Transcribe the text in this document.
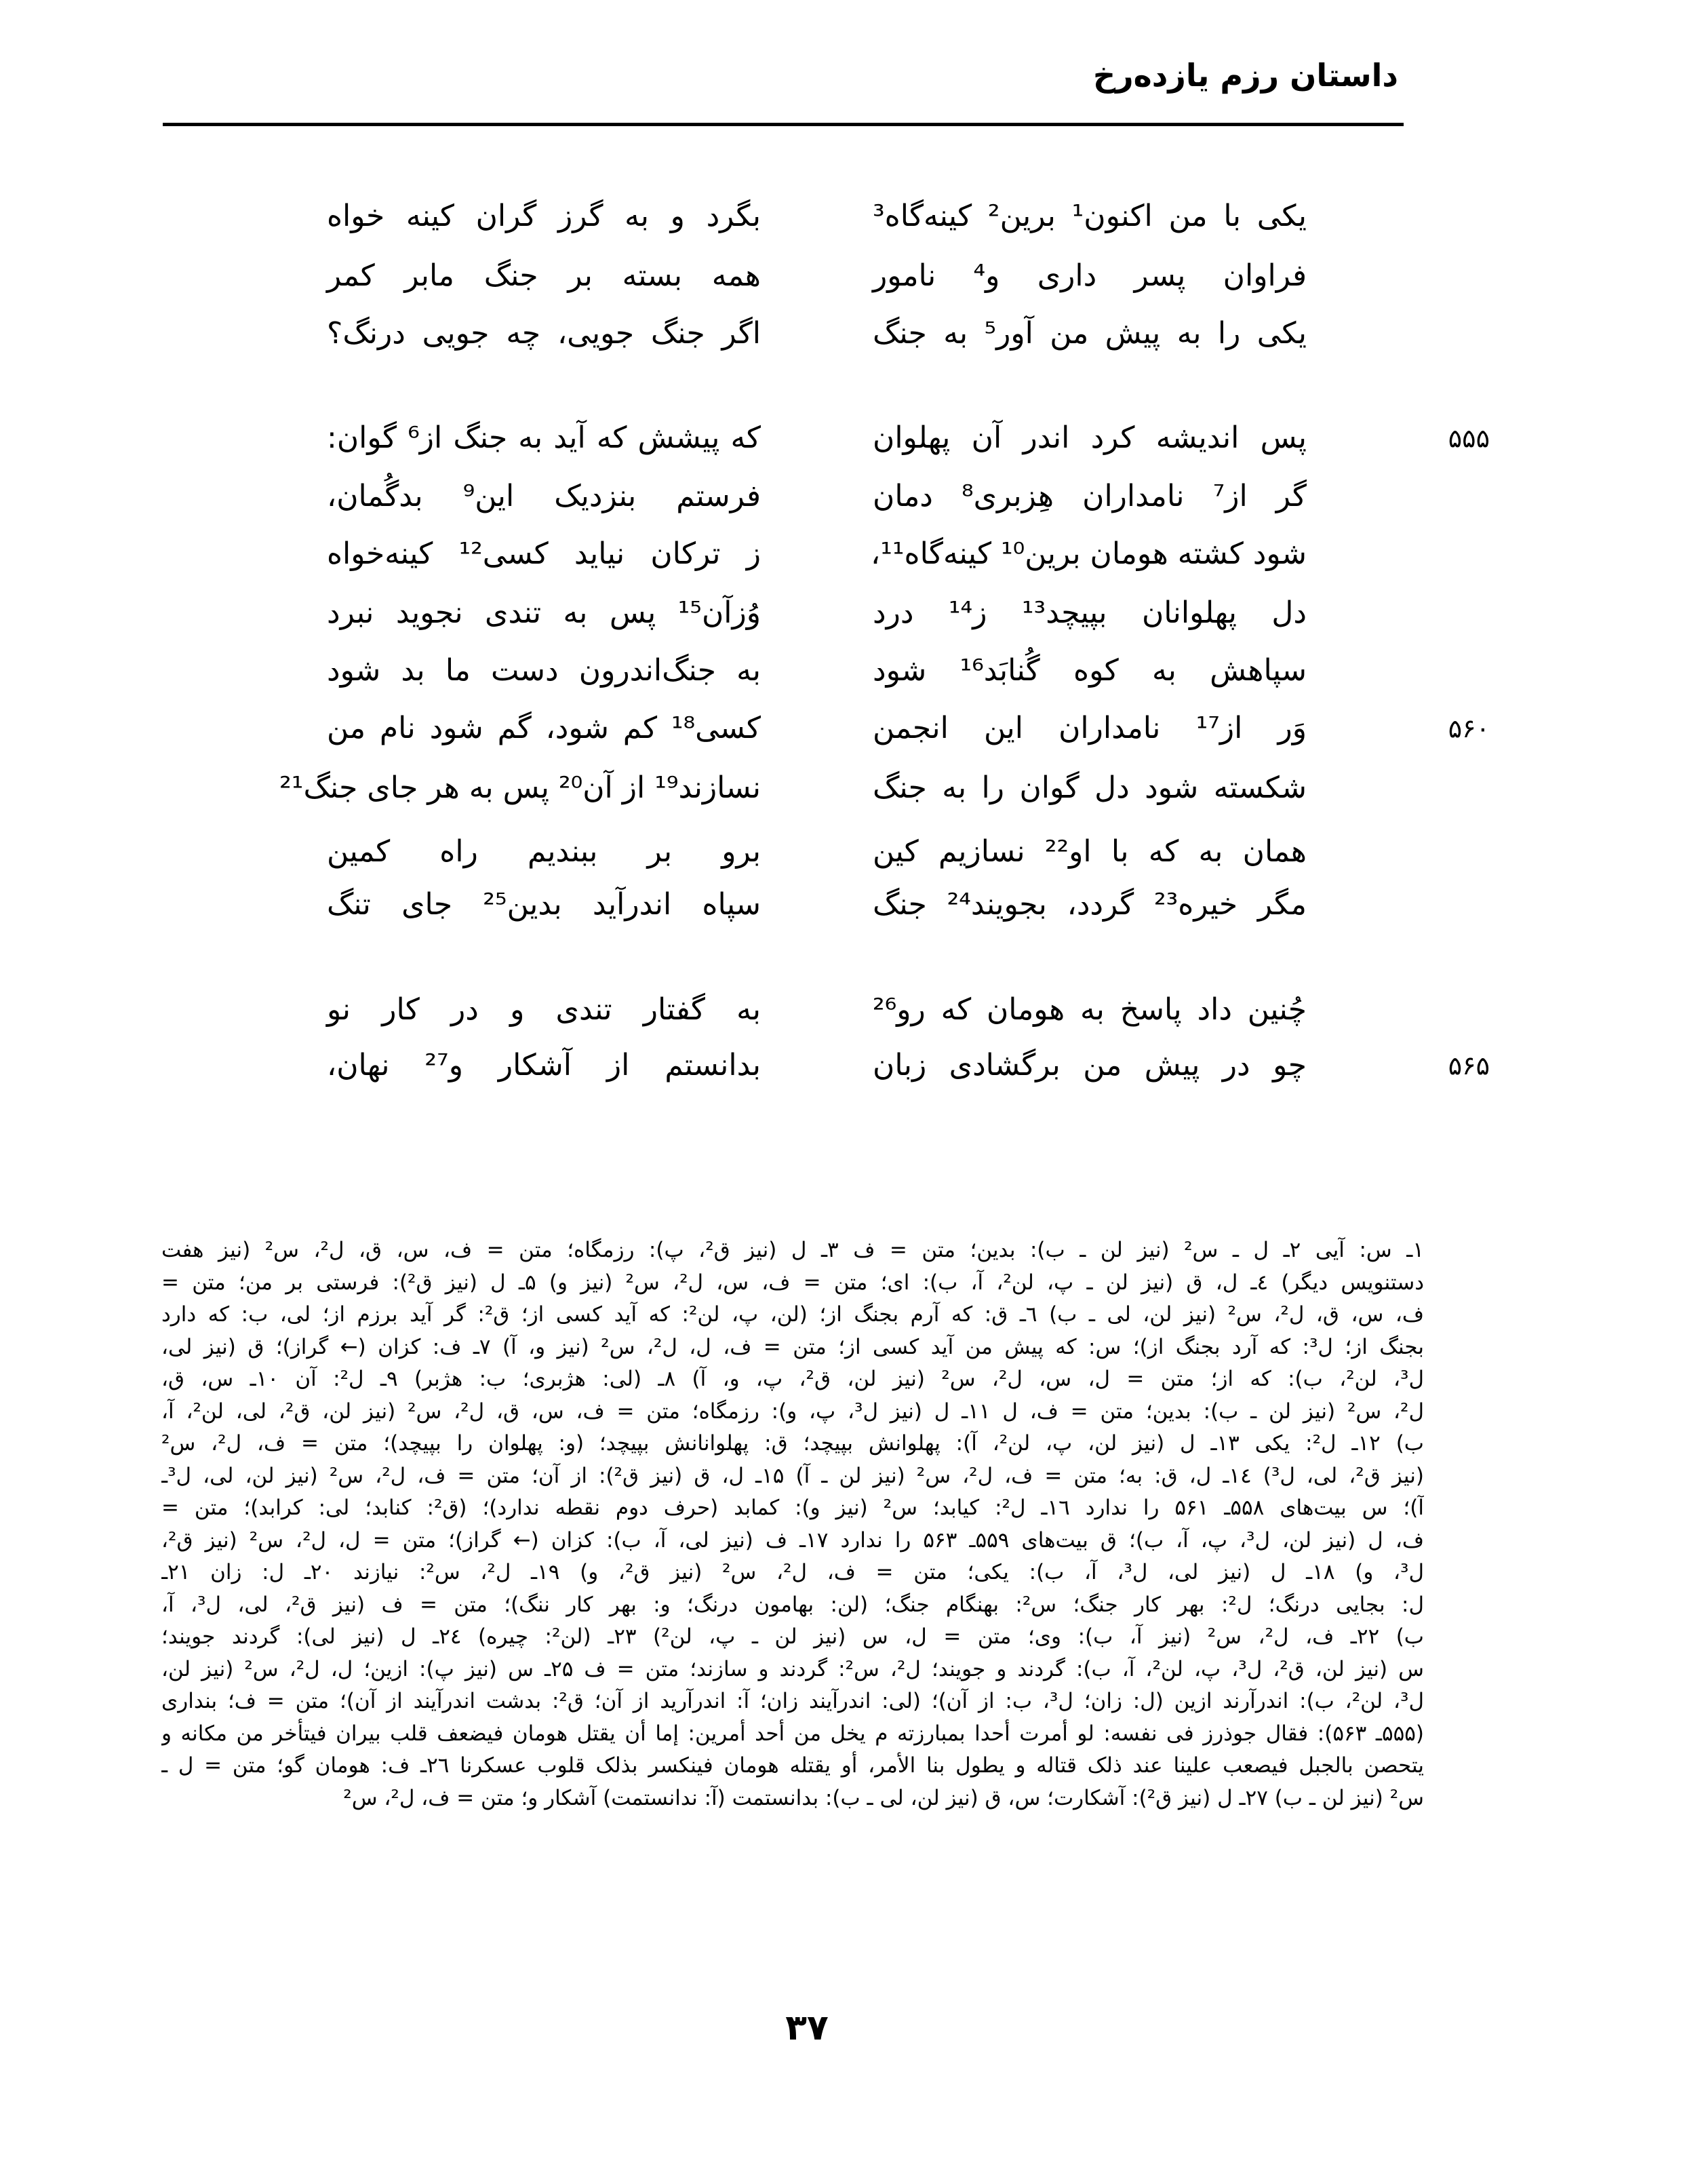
داستان رزم یازده‌رخ
یکی با من اکنون¹ برین² کینه‌گاه³
بگرد و به گرز گران کینه خواه
فراوان پسر داری و⁴ نامور
همه بسته بر جنگ مابر کمر
یکی را به پیش من آور⁵ به جنگ
اگر جنگ جویی، چه جویی درنگ؟
۵۵۵
پس اندیشه کرد اندر آن پهلوان
که پیشش که آید به جنگ از⁶ گوان:
گر از⁷ نامداران هِزبری⁸ دمان
فرستم بنزدیک این⁹ بدگُمان،
شود کشته هومان برین¹⁰ کینه‌گاه¹¹،
ز ترکان نیاید کسی¹² کینه‌خواه
دل پهلوانان بپیچد¹³ ز¹⁴ درد
وُزآن¹⁵ پس به تندی نجوید نبرد
سپاهش به کوه گُنابَد¹⁶ شود
به جنگ‌اندرون دست ما بد شود
۵۶۰
وَر از¹⁷ نامداران این انجمن
کسی¹⁸ کم شود، گم شود نام من
شکسته شود دل گوان را به جنگ
نسازند¹⁹ از آن²⁰ پس به هر جای جنگ²¹
همان به که با او²² نسازیم کین
برو بر ببندیم راه کمین
مگر خیره²³ گردد، بجویند²⁴ جنگ
سپاه اندرآید بدین²⁵ جای تنگ
چُنین داد پاسخ به هومان که رو²⁶
به گفتار تندی و در کار نو
۵۶۵
چو در پیش من برگشادی زبان
بدانستم از آشکار و²⁷ نهان،
۱ـ س: آیی ۲ـ ل ـ س² (نیز لن ـ ب): بدین؛ متن = ف ۳ـ ل (نیز ق²، پ): رزمگاه؛ متن = ف، س، ق، ل²، س² (نیز هفت
دستنویس دیگر) ٤ـ ل، ق (نیز لن ـ پ، لن²، آ، ب): ای؛ متن = ف، س، ل²، س² (نیز و) ۵ـ ل (نیز ق²): فرستی بر من؛ متن =
ف، س، ق، ل²، س² (نیز لن، لی ـ ب) ٦ـ ق: که آرم بجنگ از؛ (لن، پ، لن²: که آید کسی از؛ ق²: گر آید برزم از؛ لی، ب: که دارد
بجنگ از؛ ل³: که آرد بجنگ از)؛ س: که پیش من آید کسی از؛ متن = ف، ل، ل²، س² (نیز و، آ) ۷ـ ف: کزان (← گراز)؛ ق (نیز لی،
ل³، لن²، ب): که از؛ متن = ل، س، ل²، س² (نیز لن، ق²، پ، و، آ) ۸ـ (لی: هژبری؛ ب: هژبر) ۹ـ ل²: آن ۱۰ـ س، ق،
ل²، س² (نیز لن ـ ب): بدین؛ متن = ف، ل ۱۱ـ ل (نیز ل³، پ، و): رزمگاه؛ متن = ف، س، ق، ل²، س² (نیز لن، ق²، لی، لن²، آ،
ب) ۱۲ـ ل²: یکی ۱۳ـ ل (نیز لن، پ، لن²، آ): پهلوانش بپیچد؛ ق: پهلوانانش بپیچد؛ (و: پهلوان را بپیچد)؛ متن = ف، ل²، س²
(نیز ق²، لی، ل³) ۱٤ـ ل، ق: به؛ متن = ف، ل²، س² (نیز لن ـ آ) ۱۵ـ ل، ق (نیز ق²): از آن؛ متن = ف، ل²، س² (نیز لن، لی، ل³ـ
آ)؛ س بیت‌های ۵۵۸ـ ۵۶۱ را ندارد ۱٦ـ ل²: کیابد؛ س² (نیز و): کمابد (حرف دوم نقطه ندارد)؛ (ق²: کنابد؛ لی: کرابد)؛ متن =
ف، ل (نیز لن، ل³، پ، آ، ب)؛ ق بیت‌های ۵۵۹ـ ۵۶۳ را ندارد ۱۷ـ ف (نیز لی، آ، ب): کزان (← گراز)؛ متن = ل، ل²، س² (نیز ق²،
ل³، و) ۱۸ـ ل (نیز لی، ل³، آ، ب): یکی؛ متن = ف، ل²، س² (نیز ق²، و) ۱۹ـ ل²، س²: نیازند ۲۰ـ ل: زان ۲۱ـ
ل: بجایی درنگ؛ ل²: بهر کار جنگ؛ س²: بهنگام جنگ؛ (لن: بهامون درنگ؛ و: بهر کار ننگ)؛ متن = ف (نیز ق²، لی، ل³، آ،
ب) ۲۲ـ ف، ل²، س² (نیز آ، ب): وی؛ متن = ل، س (نیز لن ـ پ، لن²) ۲۳ـ (لن²: چیره) ۲٤ـ ل (نیز لی): گردند جویند؛
س (نیز لن، ق²، ل³، پ، لن²، آ، ب): گردند و جویند؛ ل²، س²: گردند و سازند؛ متن = ف ۲۵ـ س (نیز پ): ازین؛ ل، ل²، س² (نیز لن،
ل³، لن²، ب): اندرآرند ازین (ل: زان؛ ل³، ب: از آن)؛ (لی: اندرآیند زان؛ آ: اندرآرید از آن؛ ق²: بدشت اندرآیند از آن)؛ متن = ف؛ بنداری
(۵۵۵ـ ۵۶۳): فقال جوذرز فی نفسه: لو أمرت أحدا بمبارزته م یخل من أحد أمرین: إما أن یقتل هومان فیضعف قلب بیران فیتأخر من مکانه و
یتحصن بالجبل فیصعب علینا عند ذلک قتاله و یطول بنا الأمر، أو یقتله هومان فینکسر بذلک قلوب عسکرنا ۲٦ـ ف: هومان گو؛ متن = ل ـ
س² (نیز لن ـ ب) ۲۷ـ ل (نیز ق²): آشکارت؛ س، ق (نیز لن، لی ـ ب): بدانستمت (آ: ندانستمت) آشکار و؛ متن = ف، ل²، س²
۳۷
